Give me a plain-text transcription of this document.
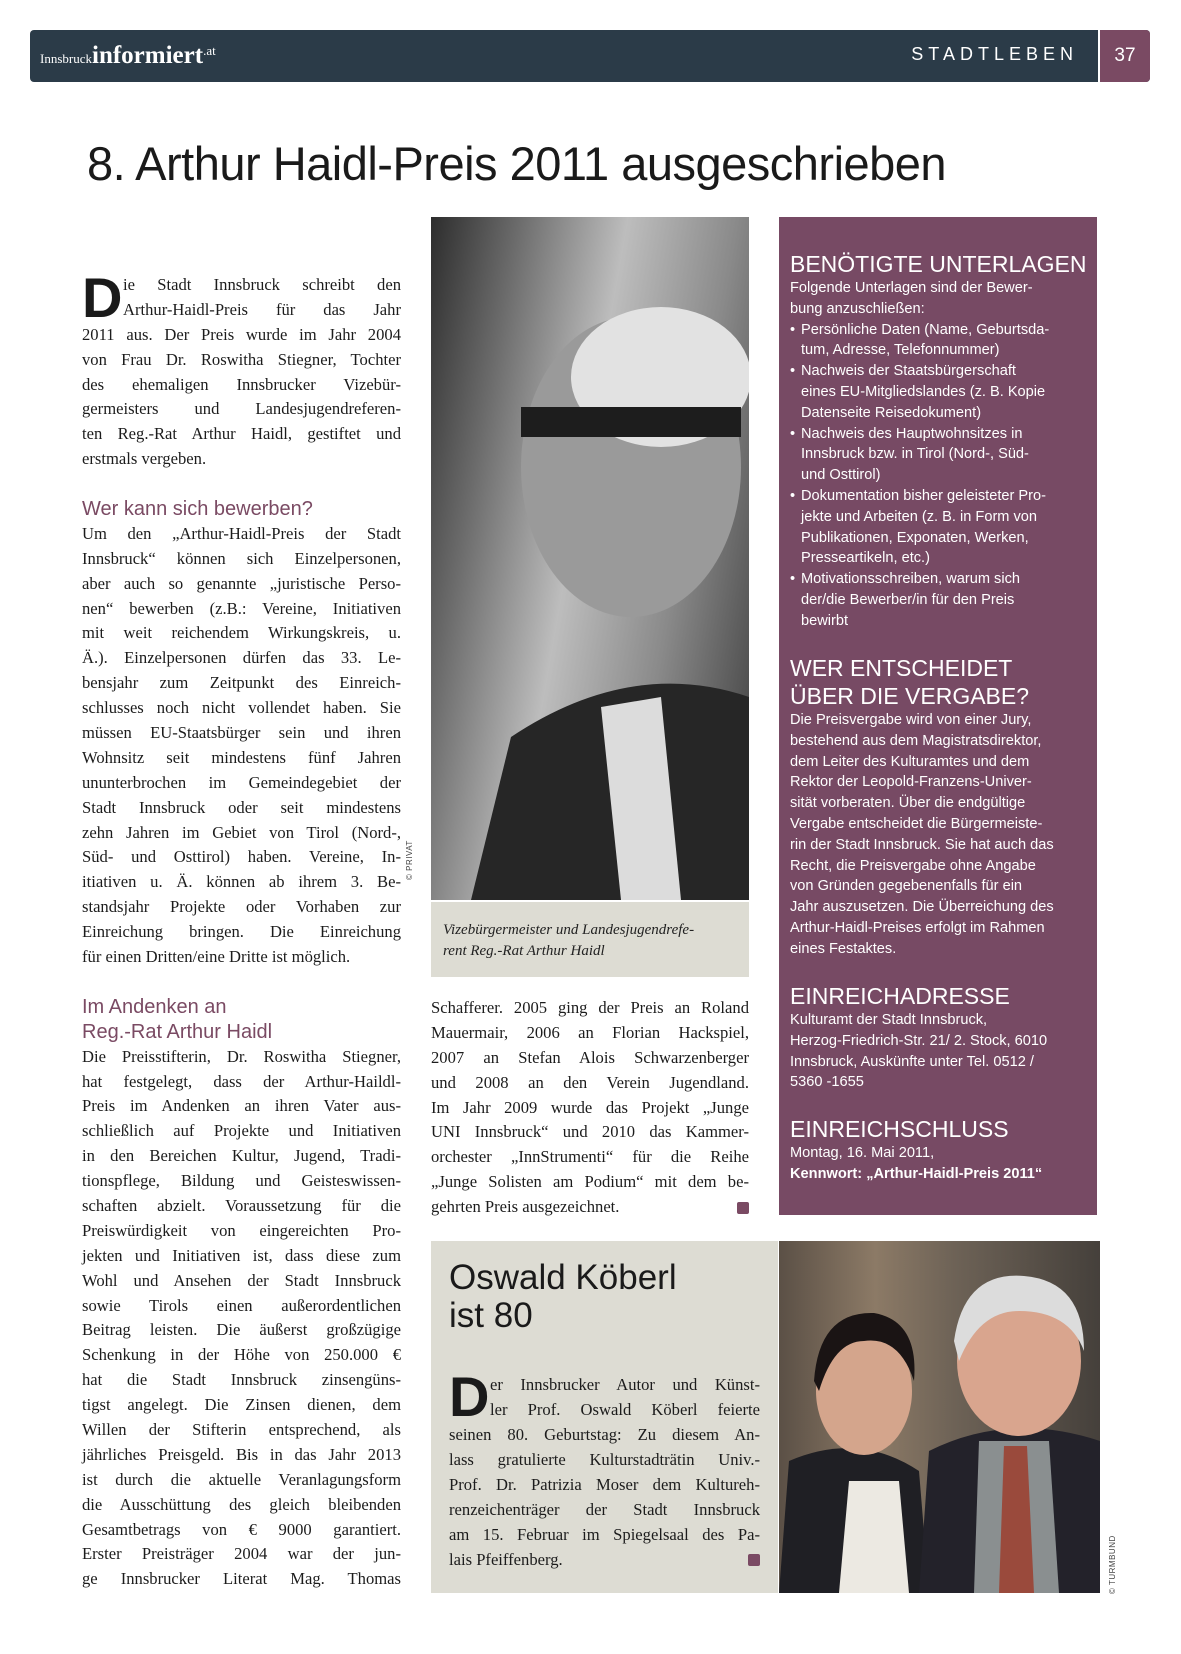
Innsbruckinformiert$^{.at}$	STADTLEBEN	37
8. Arthur Haidl-Preis 2011 ausgeschrieben
D ie Stadt Innsbruck schreibt den
Arthur-Haidl-Preis für das Jahr
2011 aus. Der Preis wurde im Jahr 2004
von Frau Dr. Roswitha Stiegner, Tochter
des ehemaligen Innsbrucker Vizebür-
germeisters und Landesjugendreferen-
ten Reg.-Rat Arthur Haidl, gestiftet und
erstmals vergeben.
Wer kann sich bewerben?
Um den „Arthur-Haidl-Preis der Stadt
Innsbruck“ können sich Einzelpersonen,
aber auch so genannte „juristische Perso-
nen“ bewerben (z.B.: Vereine, Initiativen
mit weit reichendem Wirkungskreis, u.
Ä.). Einzelpersonen dürfen das 33. Le-
bensjahr zum Zeitpunkt des Einreich-
schlusses noch nicht vollendet haben. Sie
müssen EU-Staatsbürger sein und ihren
Wohnsitz seit mindestens fünf Jahren
ununterbrochen im Gemeindegebiet der
Stadt Innsbruck oder seit mindestens
zehn Jahren im Gebiet von Tirol (Nord-,
Süd- und Osttirol) haben. Vereine, In-
itiativen u. Ä. können ab ihrem 3. Be-
standsjahr Projekte oder Vorhaben zur
Einreichung bringen. Die Einreichung
für einen Dritten/eine Dritte ist möglich.
Im Andenken an
Reg.-Rat Arthur Haidl
Die Preisstifterin, Dr. Roswitha Stiegner,
hat festgelegt, dass der Arthur-Haildl-
Preis im Andenken an ihren Vater aus-
schließlich auf Projekte und Initiativen
in den Bereichen Kultur, Jugend, Tradi-
tionspflege, Bildung und Geisteswissen-
schaften abzielt. Voraussetzung für die
Preiswürdigkeit von eingereichten Pro-
jekten und Initiativen ist, dass diese zum
Wohl und Ansehen der Stadt Innsbruck
sowie Tirols einen außerordentlichen
Beitrag leisten. Die äußerst großzügige
Schenkung in der Höhe von 250.000 €
hat die Stadt Innsbruck zinsengüns-
tigst angelegt. Die Zinsen dienen, dem
Willen der Stifterin entsprechend, als
jährliches Preisgeld. Bis in das Jahr 2013
ist durch die aktuelle Veranlagungsform
die Ausschüttung des gleich bleibenden
Gesamtbetrags von € 9000 garantiert.
Erster Preisträger 2004 war der jun-
ge Innsbrucker Literat Mag. Thomas
© PRIVAT
Vizebürgermeister und Landesjugendrefe-
rent Reg.-Rat Arthur Haidl
Schafferer. 2005 ging der Preis an Roland
Mauermair, 2006 an Florian Hackspiel,
2007 an Stefan Alois Schwarzenberger
und 2008 an den Verein Jugendland.
Im Jahr 2009 wurde das Projekt „Junge
UNI Innsbruck“ und 2010 das Kammer-
orchester „InnStrumenti“ für die Reihe
„Junge Solisten am Podium“ mit dem be-
gehrten Preis ausgezeichnet.
BENÖTIGTE UNTERLAGEN
Folgende Unterlagen sind der Bewer-
bung anzuschließen:
• Persönliche Daten (Name, Geburtsda-
tum, Adresse, Telefonnummer)
• Nachweis der Staatsbürgerschaft
eines EU-Mitgliedslandes (z. B. Kopie
Datenseite Reisedokument)
• Nachweis des Hauptwohnsitzes in
Innsbruck bzw. in Tirol (Nord-, Süd-
und Osttirol)
• Dokumentation bisher geleisteter Pro-
jekte und Arbeiten (z. B. in Form von
Publikationen, Exponaten, Werken,
Presseartikeln, etc.)
• Motivationsschreiben, warum sich
der/die Bewerber/in für den Preis
bewirbt
WER ENTSCHEIDET
ÜBER DIE VERGABE?
Die Preisvergabe wird von einer Jury,
bestehend aus dem Magistratsdirektor,
dem Leiter des Kulturamtes und dem
Rektor der Leopold-Franzens-Univer-
sität vorberaten. Über die endgültige
Vergabe entscheidet die Bürgermeiste-
rin der Stadt Innsbruck. Sie hat auch das
Recht, die Preisvergabe ohne Angabe
von Gründen gegebenenfalls für ein
Jahr auszusetzen. Die Überreichung des
Arthur-Haidl-Preises erfolgt im Rahmen
eines Festaktes.
EINREICHADRESSE
Kulturamt der Stadt Innsbruck,
Herzog-Friedrich-Str. 21/ 2. Stock, 6010
Innsbruck, Auskünfte unter Tel. 0512 /
5360 -1655
EINREICHSCHLUSS
Montag, 16. Mai 2011,
Kennwort: „Arthur-Haidl-Preis 2011“
Oswald Köberl
ist 80
D er Innsbrucker Autor und Künst-
ler Prof. Oswald Köberl feierte
seinen 80. Geburtstag: Zu diesem An-
lass gratulierte Kulturstadträtin Univ.-
Prof. Dr. Patrizia Moser dem Kultureh-
renzeichenträger der Stadt Innsbruck
am 15. Februar im Spiegelsaal des Pa-
lais Pfeiffenberg.	© TURMBUND
